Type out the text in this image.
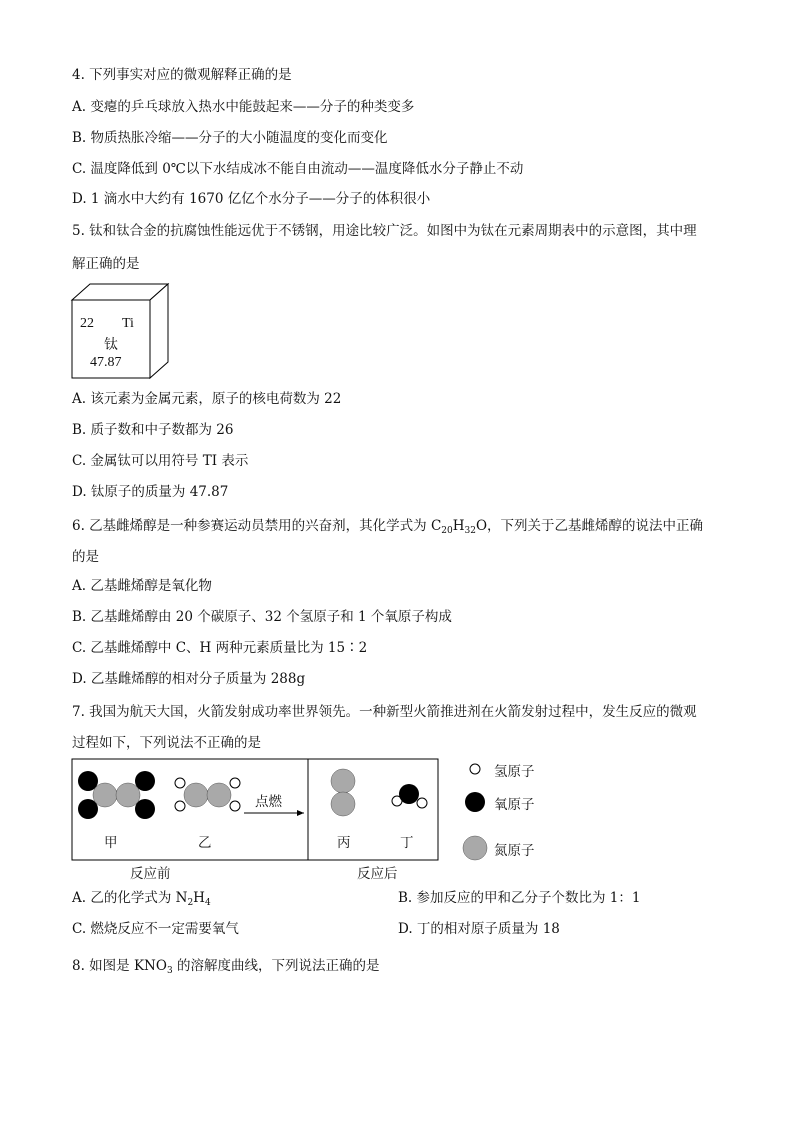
4. 下列事实对应的微观解释正确的是
A. 变瘪的乒乓球放入热水中能鼓起来——分子的种类变多
B. 物质热胀冷缩——分子的大小随温度的变化而变化
C. 温度降低到 0℃以下水结成冰不能自由流动——温度降低水分子静止不动
D. 1 滴水中大约有 1670 亿亿个水分子——分子的体积很小
5. 钛和钛合金的抗腐蚀性能远优于不锈钢，用途比较广泛。如图中为钛在元素周期表中的示意图，其中理
解正确的是
22 Ti
钛
47.87
A. 该元素为金属元素，原子的核电荷数为 22
B. 质子数和中子数都为 26
C. 金属钛可以用符号 TI 表示
D. 钛原子的质量为 47.87
6. 乙基雌烯醇是一种参赛运动员禁用的兴奋剂，其化学式为 $C_{20}H_{32}O$，下列关于乙基雌烯醇的说法中正确
的是
A. 乙基雌烯醇是氧化物
B. 乙基雌烯醇由 20 个碳原子、32 个氢原子和 1 个氧原子构成
C. 乙基雌烯醇中 C、H 两种元素质量比为 15∶2
D. 乙基雌烯醇的相对分子质量为 288g
7. 我国为航天大国，火箭发射成功率世界领先。一种新型火箭推进剂在火箭发射过程中，发生反应的微观
过程如下，下列说法不正确的是
甲	乙	丙	丁
点燃
反应前	反应后
氢原子
氧原子
氮原子
A. 乙的化学式为 $N_2H_4$	B. 参加反应的甲和乙分子个数比为 1：1
C. 燃烧反应不一定需要氧气	D. 丁的相对原子质量为 18
8. 如图是 $KNO_3$ 的溶解度曲线，下列说法正确的是
